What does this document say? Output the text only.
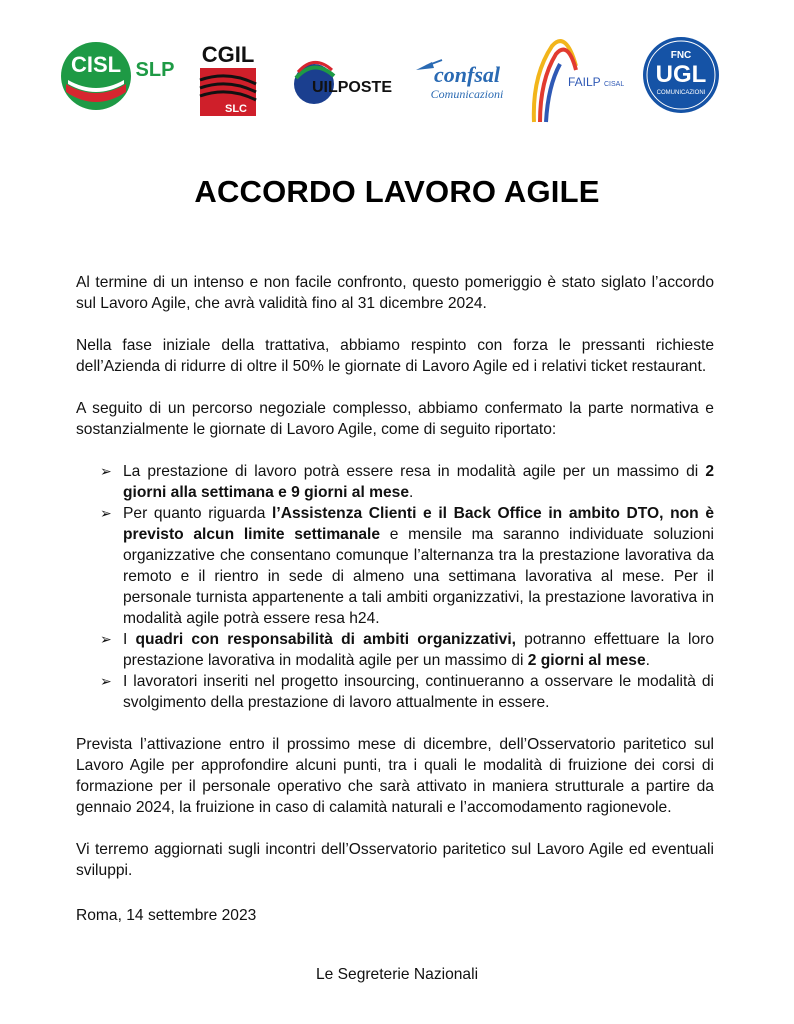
CISL SLP
CGIL
SLC
UILPOSTE
confsal
Comunicazioni
FAILP CISAL
FNC
UGL
COMUNICAZIONI
ACCORDO LAVORO AGILE

Al termine di un intenso e non facile confronto, questo pomeriggio è stato siglato l’accordo sul Lavoro Agile, che avrà validità fino al 31 dicembre 2024.

Nella fase iniziale della trattativa, abbiamo respinto con forza le pressanti richieste dell’Azienda di ridurre di oltre il 50% le giornate di Lavoro Agile ed i relativi ticket restaurant.

A seguito di un percorso negoziale complesso, abbiamo confermato la parte normativa e sostanzialmente le giornate di Lavoro Agile, come di seguito riportato:

➢ La prestazione di lavoro potrà essere resa in modalità agile per un massimo di 2 giorni alla settimana e 9 giorni al mese.
➢ Per quanto riguarda l’Assistenza Clienti e il Back Office in ambito DTO, non è previsto alcun limite settimanale e mensile ma saranno individuate soluzioni organizzative che consentano comunque l’alternanza tra la prestazione lavorativa da remoto e il rientro in sede di almeno una settimana lavorativa al mese. Per il personale turnista appartenente a tali ambiti organizzativi, la prestazione lavorativa in modalità agile potrà essere resa h24.
➢ I quadri con responsabilità di ambiti organizzativi, potranno effettuare la loro prestazione lavorativa in modalità agile per un massimo di 2 giorni al mese.
➢ I lavoratori inseriti nel progetto insourcing, continueranno a osservare le modalità di svolgimento della prestazione di lavoro attualmente in essere.

Prevista l’attivazione entro il prossimo mese di dicembre, dell’Osservatorio paritetico sul Lavoro Agile per approfondire alcuni punti, tra i quali le modalità di fruizione dei corsi di formazione per il personale operativo che sarà attivato in maniera strutturale a partire da gennaio 2024, la fruizione in caso di calamità naturali e l’accomodamento ragionevole.

Vi terremo aggiornati sugli incontri dell’Osservatorio paritetico sul Lavoro Agile ed eventuali sviluppi.

Roma, 14 settembre 2023
Le Segreterie Nazionali
